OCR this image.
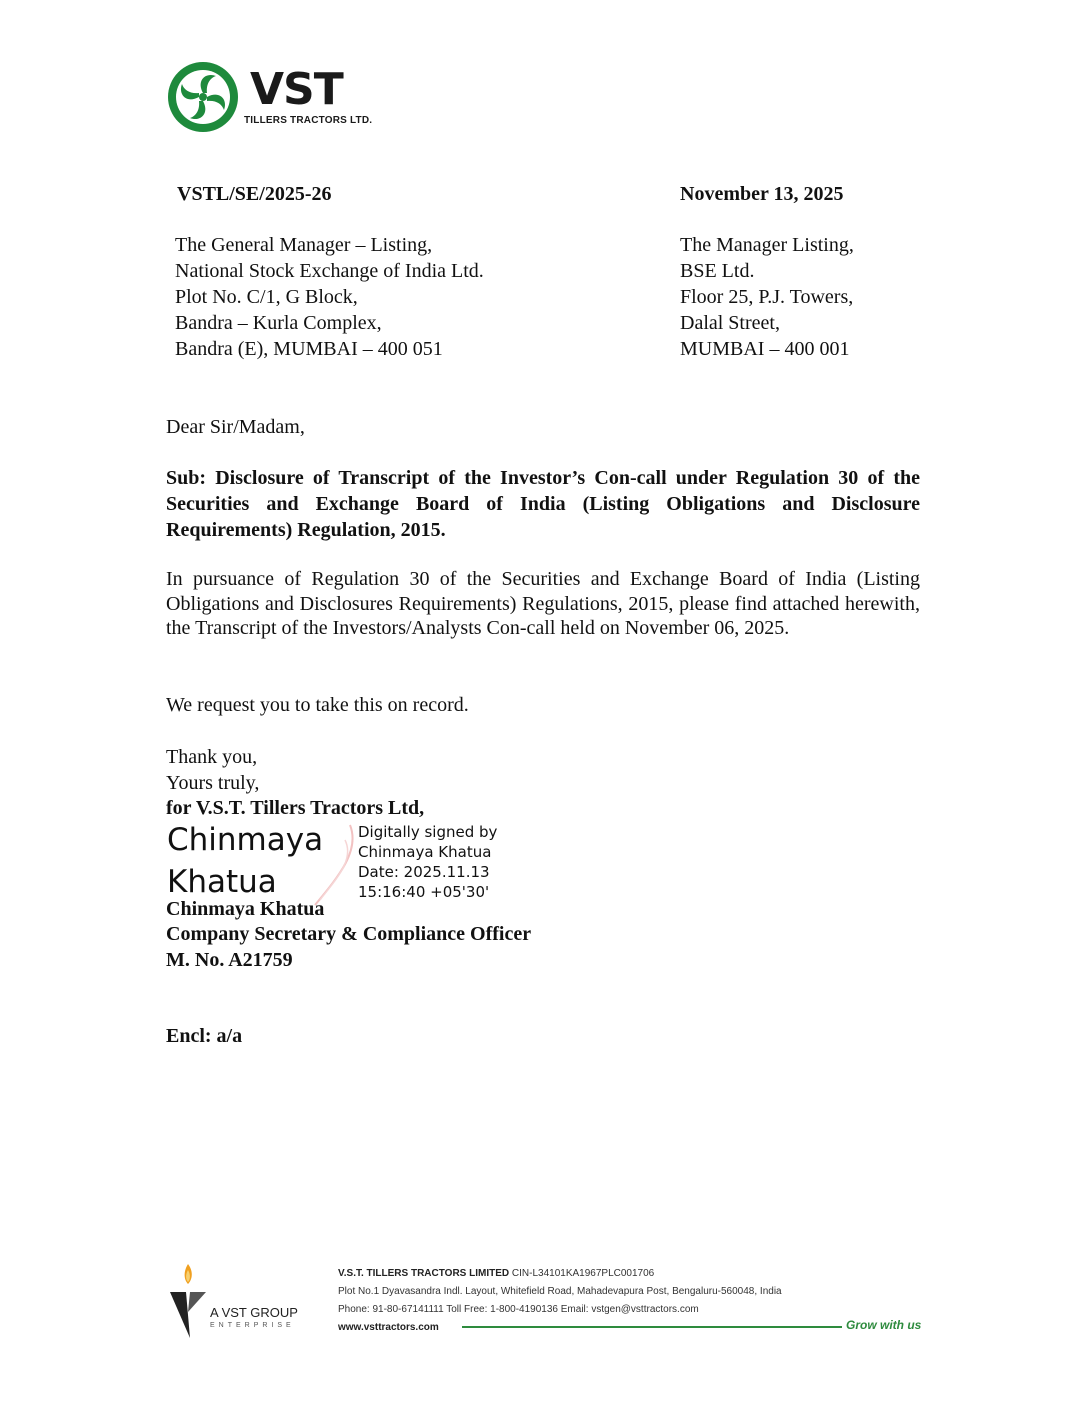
VST
TILLERS TRACTORS LTD.
VSTL/SE/2025-26	November 13, 2025
The General Manager – Listing,
National Stock Exchange of India Ltd.
Plot No. C/1, G Block,
Bandra – Kurla Complex,
Bandra (E), MUMBAI – 400 051
The Manager Listing,
BSE Ltd.
Floor 25, P.J. Towers,
Dalal Street,
MUMBAI – 400 001
Dear Sir/Madam,
Sub: Disclosure of Transcript of the Investor’s Con-call under Regulation 30 of the Securities and Exchange Board of India (Listing Obligations and Disclosure Requirements) Regulation, 2015.
In pursuance of Regulation 30 of the Securities and Exchange Board of India (Listing Obligations and Disclosures Requirements) Regulations, 2015, please find attached herewith, the Transcript of the Investors/Analysts Con-call held on November 06, 2025.
We request you to take this on record.
Thank you,
Yours truly,
for V.S.T. Tillers Tractors Ltd,
Chinmaya
Khatua
Digitally signed by
Chinmaya Khatua
Date: 2025.11.13
15:16:40 +05'30'
Chinmaya Khatua
Company Secretary & Compliance Officer
M. No. A21759
Encl: a/a
A VST GROUP
ENTERPRISE
V.S.T. TILLERS TRACTORS LIMITED CIN-L34101KA1967PLC001706
Plot No.1 Dyavasandra Indl. Layout, Whitefield Road, Mahadevapura Post, Bengaluru-560048, India
Phone: 91-80-67141111 Toll Free: 1-800-4190136 Email: vstgen@vsttractors.com
www.vsttractors.com	Grow with us
